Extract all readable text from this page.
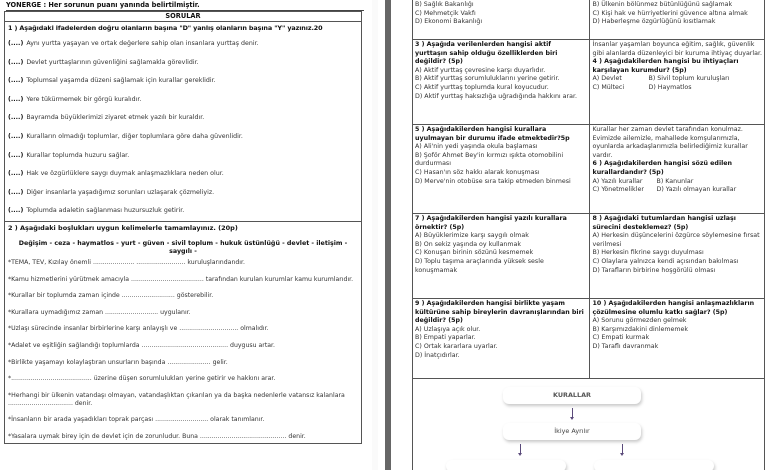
YONERGE : Her sorunun puanı yanında belirtilmiştir.
SORULAR
1 ) Aşağıdaki ifadelerden doğru olanların başına "D" yanlış olanların başına "Y" yazınız.20
(....) Aynı yurtta yaşayan ve ortak değerlere sahip olan insanlara yurttaş denir.
(....) Devlet yurttaşlarının güvenliğini sağlamakla görevlidir.
(....) Toplumsal yaşamda düzeni sağlamak için kurallar gereklidir.
(....) Yere tükürmemek bir görgü kuralıdır.
(....) Bayramda büyüklerimizi ziyaret etmek yazılı bir kuraldır.
(....) Kuralların olmadığı toplumlar, diğer toplumlara göre daha güvenlidir.
(....) Kurallar toplumda huzuru sağlar.
(....) Hak ve özgürlüklere saygı duymak anlaşmazlıklara neden olur.
(....) Diğer insanlarla yaşadığımız sorunları uzlaşarak çözmeliyiz.
(....) Toplumda adaletin sağlanması huzursuzluk getirir.
2 ) Aşağıdaki boşlukları uygun kelimelerle tamamlayınız. (20p)
Değişim - ceza - haymatlos - yurt - güven - sivil toplum - hukuk üstünlüğü - devlet - iletişim - saygılı -
*TEMA, TEV, Kızılay önemli ..................... ......................... kuruluşlarındandır.
*Kamu hizmetlerini yürütmek amacıyla ..................................... tarafından kurulan kurumlar kamu kurumlarıdır.
*Kurallar bir toplumda zaman içinde ........................... gösterebilir.
*Kurallara uymadığımız zaman ........................... uygulanır.
*Uzlaşı sürecinde insanlar birbirlerine karşı anlayışlı ve .............................. olmalıdır.
*Adalet ve eşitliğin sağlandığı toplumlarda ............................................ duygusu artar.
*Birlikte yaşamayı kolaylaştıran unsurların başında ...................... gelir.
*......................................... üzerine düşen sorumlulukları yerine getirir ve hakkını arar.
*Herhangi bir ülkenin vatandaşı olmayan, vatandaşlıktan çıkarılan ya da başka nedenlerle vatansız kalanlara ................................. denir.
*İnsanların bir arada yaşadıkları toprak parçası ........................... olarak tanımlanır.
*Yasalara uymak birey için de devlet için de zorunludur. Buna ............................................ denir.
B) Sağlık Bakanlığı
C) Mehmetçik Vakfı
D) Ekonomi Bakanlığı
B) Ülkenin bölünmez bütünlüğünü sağlamak
C) Kişi hak ve hürriyetlerini güvence altına almak
D) Haberleşme özgürlüğünü kısıtlamak
3 ) Aşağıda verilenlerden hangisi aktif yurttaşın sahip olduğu özelliklerden biri değildir? (5p)
A) Aktif yurttaş çevresine karşı duyarlıdır.
B) Aktif yurttaş sorumluluklarını yerine getirir.
C) Aktif yurttaş toplumda kural koyucudur.
D) Aktif yurttaş haksızlığa uğradığında hakkını arar.
İnsanlar yaşamları boyunca eğitim, sağlık, güvenlik gibi alanlarda düzenleyici bir kuruma ihtiyaç duyarlar.
4 ) Aşağıdakilerden hangisi bu ihtiyaçları karşılayan kurumdur? (5p)
A) Devlet	B) Sivil toplum kuruluşları
C) Mülteci	D) Haymatlos
5 ) Aşağıdakilerden hangisi kurallara uyulmayan bir durumu ifade etmektedir?5p
A) Ali'nin yedi yaşında okula başlaması
B) Şoför Ahmet Bey'in kırmızı ışıkta otomobilini durdurması
C) Hasan'ın söz hakkı alarak konuşması
D) Merve'nin otobüse sıra takip etmeden binmesi
Kurallar her zaman devlet tarafından konulmaz. Evimizde ailemizle, mahallede komşularımızla, oyunlarda arkadaşlarımızla belirlediğimiz kurallar vardır.
6 ) Aşağıdakilerden hangisi sözü edilen kurallardandır? (5p)
A) Yazılı kurallar	B) Kanunlar
C) Yönetmelikler	D) Yazılı olmayan kurallar
7 ) Aşağıdakilerden hangisi yazılı kurallara örnektir? (5p)
A) Büyüklerimize karşı saygılı olmak
B) On sekiz yaşında oy kullanmak
C) Konuşan birinin sözünü kesmemek
D) Toplu taşıma araçlarında yüksek sesle konuşmamak
8 ) Aşağıdaki tutumlardan hangisi uzlaşı sürecini desteklemez? (5p)
A) Herkesin düşüncelerini özgürce söylemesine fırsat verilmesi
B) Herkesin fikrine saygı duyulması
C) Olaylara yalnızca kendi açısından bakılması
D) Tarafların birbirine hoşgörülü olması
9 ) Aşağıdakilerden hangisi birlikte yaşam kültürüne sahip bireylerin davranışlarından biri değildir? (5p)
A) Uzlaşıya açık olur.
B) Empati yaparlar.
C) Ortak kararlara uyarlar.
D) İnatçıdırlar.
10 ) Aşağıdakilerden hangisi anlaşmazlıkların çözülmesine olumlu katkı sağlar? (5p)
A) Sorunu görmezden gelmek
B) Karşımızdakini dinlememek
C) Empati kurmak
D) Taraflı davranmak
KURALLAR
İkiye Ayrılır
